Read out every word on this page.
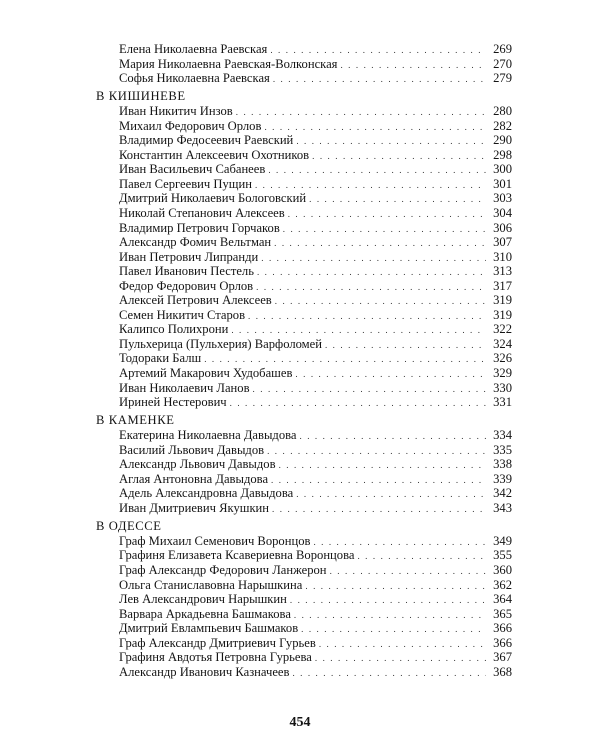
Елена Николаевна Раевская . . .	269
Мария Николаевна Раевская-Волконская . . .	270
Софья Николаевна Раевская . . .	279
В КИШИНЕВЕ
Иван Никитич Инзов . . .	280
Михаил Федорович Орлов . . .	282
Владимир Федосеевич Раевский . . .	290
Константин Алексеевич Охотников . . .	298
Иван Васильевич Сабанеев . . .	300
Павел Сергеевич Пущин . . .	301
Дмитрий Николаевич Бологовский . . .	303
Николай Степанович Алексеев . . .	304
Владимир Петрович Горчаков . . .	306
Александр Фомич Вельтман . . .	307
Иван Петрович Липранди . . .	310
Павел Иванович Пестель . . .	313
Федор Федорович Орлов . . .	317
Алексей Петрович Алексеев . . .	319
Семен Никитич Старов . . .	319
Калипсо Полихрони . . .	322
Пульхерица (Пульхерия) Варфоломей . . .	324
Тодораки Балш . . .	326
Артемий Макарович Худобашев . . .	329
Иван Николаевич Ланов . . .	330
Ириней Нестерович . . .	331
В КАМЕНКЕ
Екатерина Николаевна Давыдова . . .	334
Василий Львович Давыдов . . .	335
Александр Львович Давыдов . . .	338
Аглая Антоновна Давыдова . . .	339
Адель Александровна Давыдова . . .	342
Иван Дмитриевич Якушкин . . .	343
В ОДЕССЕ
Граф Михаил Семенович Воронцов . . .	349
Графиня Елизавета Ксавериевна Воронцова . . .	355
Граф Александр Федорович Ланжерон . . .	360
Ольга Станиславовна Нарышкина . . .	362
Лев Александрович Нарышкин . . .	364
Варвара Аркадьевна Башмакова . . .	365
Дмитрий Евлампьевич Башмаков . . .	366
Граф Александр Дмитриевич Гурьев . . .	366
Графиня Авдотья Петровна Гурьева . . .	367
Александр Иванович Казначеев . . .	368
454
